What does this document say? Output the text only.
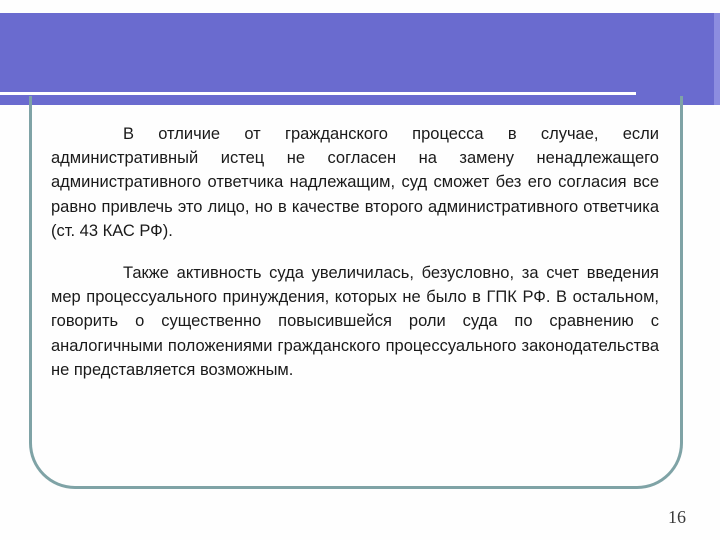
В отличие от гражданского процесса в случае, если административный истец не согласен на замену ненадлежащего административного ответчика надлежащим, суд сможет без его согласия все равно привлечь это лицо, но в качестве второго административного ответчика (ст. 43 КАС РФ).

Также активность суда увеличилась, безусловно, за счет введения мер процессуального принуждения, которых не было в ГПК РФ. В остальном, говорить о существенно повысившейся роли суда по сравнению с аналогичными положениями гражданского процессуального законодательства не представляется возможным.

16
